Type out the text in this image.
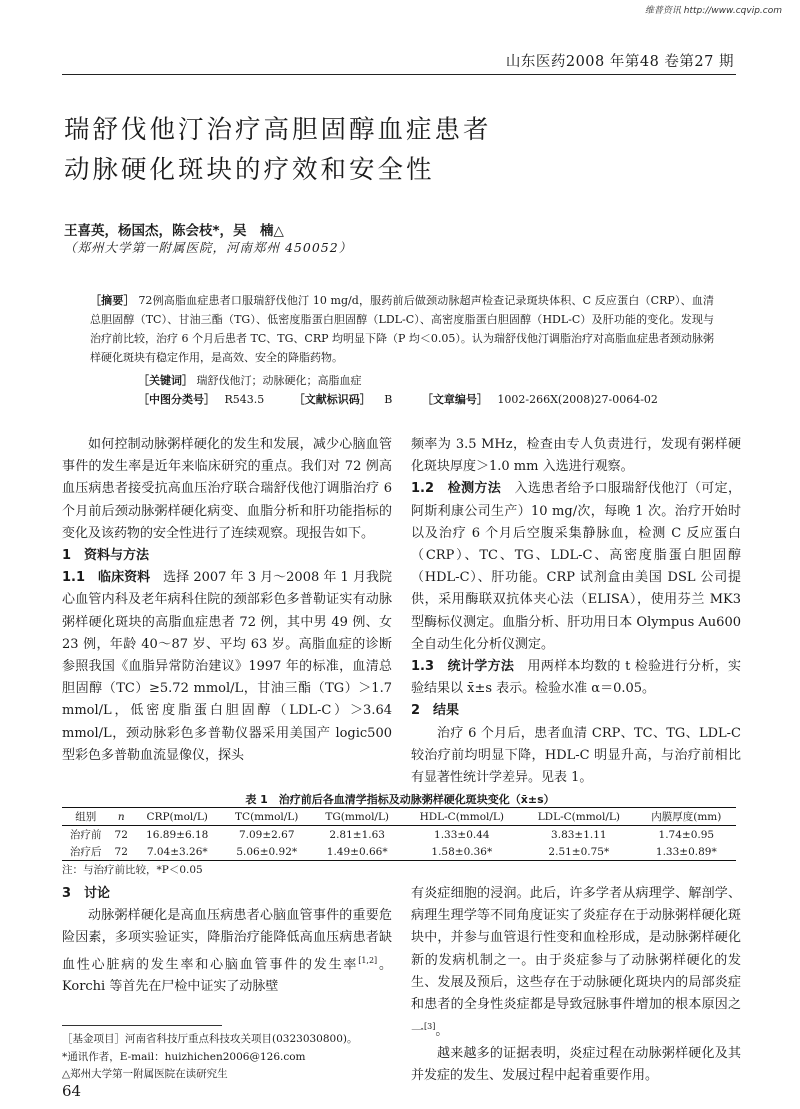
维普资讯 http://www.cqvip.com
山东医药2008 年第48 卷第27 期
瑞舒伐他汀治疗高胆固醇血症患者
动脉硬化斑块的疗效和安全性
王喜英，杨国杰，陈会枝*，吴　楠△
（郑州大学第一附属医院，河南郑州 450052）
［摘要］ 72例高脂血症患者口服瑞舒伐他汀 10 mg/d，服药前后做颈动脉超声检查记录斑块体积、C 反应蛋白（CRP）、血清总胆固醇（TC）、甘油三酯（TG）、低密度脂蛋白胆固醇（LDL-C）、高密度脂蛋白胆固醇（HDL-C）及肝功能的变化。发现与治疗前比较，治疗 6 个月后患者 TC、TG、CRP 均明显下降（P 均＜0.05）。认为瑞舒伐他汀调脂治疗对高脂血症患者颈动脉粥样硬化斑块有稳定作用，是高效、安全的降脂药物。
［关键词］ 瑞舒伐他汀；动脉硬化；高脂血症
［中图分类号］ R543.5	［文献标识码］ B	［文章编号］ 1002-266X(2008)27-0064-02

如何控制动脉粥样硬化的发生和发展，减少心脑血管事件的发生率是近年来临床研究的重点。我们对 72 例高血压病患者接受抗高血压治疗联合瑞舒伐他汀调脂治疗 6 个月前后颈动脉粥样硬化病变、血脂分析和肝功能指标的变化及该药物的安全性进行了连续观察。现报告如下。

1　资料与方法

1.1　临床资料　 选择 2007 年 3 月～2008 年 1 月我院心血管内科及老年病科住院的颈部彩色多普勒证实有动脉粥样硬化斑块的高脂血症患者 72 例，其中男 49 例、女 23 例，年龄 40～87 岁、平均 63 岁。高脂血症的诊断参照我国《血脂异常防治建议》1997 年的标准，血清总胆固醇（TC）≥5.72 mmol/L，甘油三酯（TG）＞1.7 mmol/L，低密度脂蛋白胆固醇（LDL-C）＞3.64 mmol/L，颈动脉彩色多普勒仪器采用美国产 logic500 型彩色多普勒血流显像仪，探头

频率为 3.5 MHz，检查由专人负责进行，发现有粥样硬化斑块厚度＞1.0 mm 入选进行观察。

1.2　检测方法　 入选患者给予口服瑞舒伐他汀（可定，阿斯利康公司生产）10 mg/次，每晚 1 次。治疗开始时以及治疗 6 个月后空腹采集静脉血，检测 C 反应蛋白（CRP）、TC、TG、LDL-C、高密度脂蛋白胆固醇（HDL-C）、肝功能。CRP 试剂盒由美国 DSL 公司提供，采用酶联双抗体夹心法（ELISA），使用芬兰 MK3 型酶标仪测定。血脂分析、肝功用日本 Olympus Au600 全自动生化分析仪测定。

1.3　统计学方法　 用两样本均数的 t 检验进行分析，实验结果以 x̄±s 表示。检验水准 α＝0.05。

2　结果

治疗 6 个月后，患者血清 CRP、TC、TG、LDL-C 较治疗前均明显下降，HDL-C 明显升高，与治疗前相比有显著性统计学差异。见表 1。

表 1　治疗前后各血清学指标及动脉粥样硬化斑块变化（x̄±s）
组别	n	CRP(mol/L)	TC(mmol/L)	TG(mmol/L)	HDL-C(mmol/L)	LDL-C(mmol/L)	内膜厚度(mm)
治疗前	72	16.89±6.18	7.09±2.67	2.81±1.63	1.33±0.44	3.83±1.11	1.74±0.95
治疗后	72	7.04±3.26*	5.06±0.92*	1.49±0.66*	1.58±0.36*	2.51±0.75*	1.33±0.89*
注：与治疗前比较，*P＜0.05
3　讨论

动脉粥样硬化是高血压病患者心脑血管事件的重要危险因素，多项实验证实，降脂治疗能降低高血压病患者缺血性心脏病的发生率和心脑血管事件的发生率[1,2]。Korchi 等首先在尸检中证实了动脉壁

有炎症细胞的浸润。此后，许多学者从病理学、解剖学、病理生理学等不同角度证实了炎症存在于动脉粥样硬化斑块中，并参与血管退行性变和血栓形成，是动脉粥样硬化新的发病机制之一。由于炎症参与了动脉粥样硬化的发生、发展及预后，这些存在于动脉硬化斑块内的局部炎症和患者的全身性炎症都是导致冠脉事件增加的根本原因之一[3]。

越来越多的证据表明，炎症过程在动脉粥样硬化及其并发症的发生、发展过程中起着重要作用。

［基金项目］河南省科技厅重点科技攻关项目(0323030800)。
*通讯作者，E-mail：huizhichen2006@126.com
△郑州大学第一附属医院在读研究生
64
